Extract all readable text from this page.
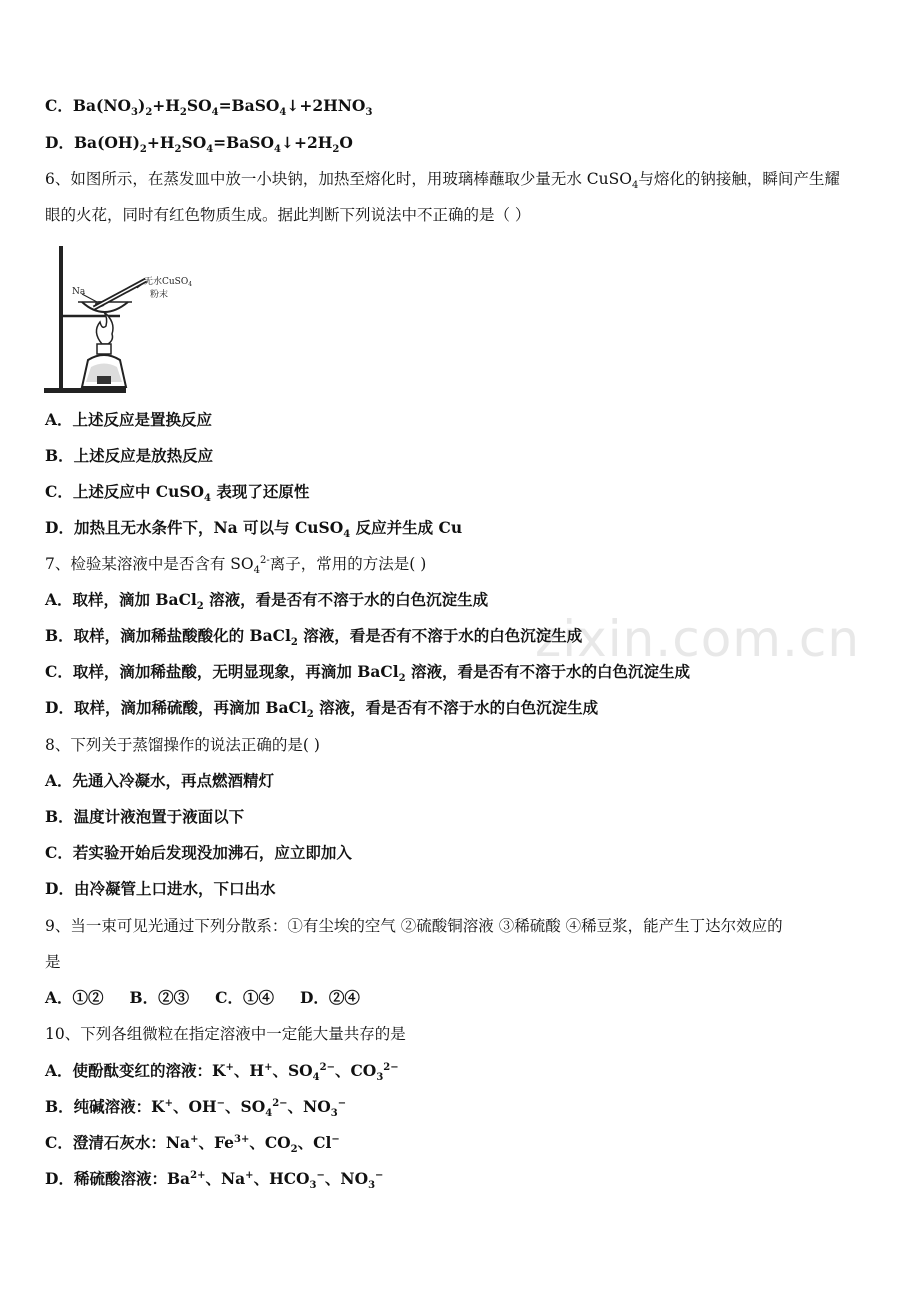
zixin.com.cn
C．$Ba(NO_3)_2+H_2SO_4=BaSO_4↓+2HNO_3$
D．$Ba(OH)_2+H_2SO_4=BaSO_4↓+2H_2O$
6、如图所示，在蒸发皿中放一小块钠，加热至熔化时，用玻璃棒蘸取少量无水 CuSO$_4$与熔化的钠接触，瞬间产生耀
眼的火花，同时有红色物质生成。据此判断下列说法中不正确的是（ ）
Na
无水CuSO$_4$
粉末
A．上述反应是置换反应
B．上述反应是放热反应
C．上述反应中 CuSO$_4$ 表现了还原性
D．加热且无水条件下，Na 可以与 CuSO$_4$ 反应并生成 Cu
7、检验某溶液中是否含有 $SO_4^{2-}$离子，常用的方法是( )
A．取样，滴加 BaCl$_2$ 溶液，看是否有不溶于水的白色沉淀生成
B．取样，滴加稀盐酸酸化的 BaCl$_2$ 溶液，看是否有不溶于水的白色沉淀生成
C．取样，滴加稀盐酸，无明显现象，再滴加 BaCl$_2$ 溶液，看是否有不溶于水的白色沉淀生成
D．取样，滴加稀硫酸，再滴加 BaCl$_2$ 溶液，看是否有不溶于水的白色沉淀生成
8、下列关于蒸馏操作的说法正确的是( )
A．先通入冷凝水，再点燃酒精灯
B．温度计液泡置于液面以下
C．若实验开始后发现没加沸石，应立即加入
D．由冷凝管上口进水，下口出水
9、当一束可见光通过下列分散系：①有尘埃的空气 ②硫酸铜溶液 ③稀硫酸 ④稀豆浆，能产生丁达尔效应的
是
A．①② B．②③ C．①④ D．②④
10、下列各组微粒在指定溶液中一定能大量共存的是
A．使酚酞变红的溶液：K+、H+、$SO_4^{2-}$、$CO_3^{2-}$
B．纯碱溶液：K+、OH−、$SO_4^{2-}$、$NO_3^-$
C．澄清石灰水：Na+、$Fe^{3+}$、$CO_2$、Cl−
D．稀硫酸溶液：$Ba^{2+}$、Na+、$HCO_3^-$、$NO_3^-$
